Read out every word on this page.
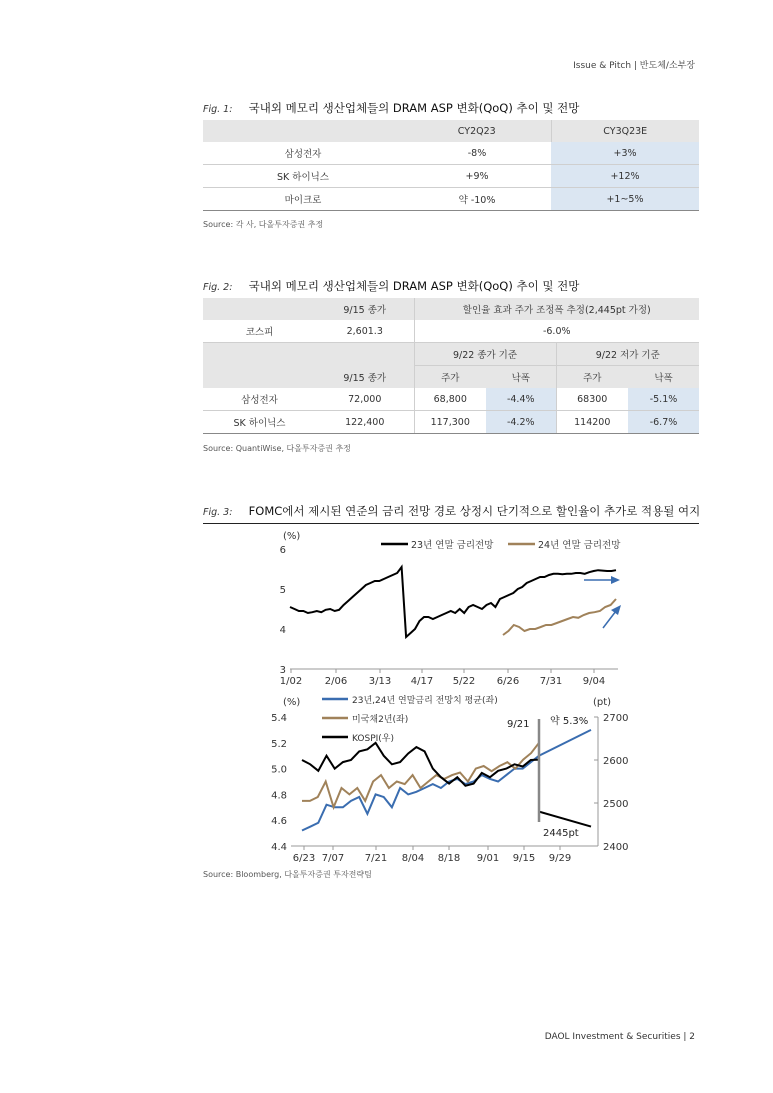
Issue & Pitch | 반도체/소부장
DAOL Investment & Securities | 2
Fig. 1: 국내외 메모리 생산업체들의 DRAM ASP 변화(QoQ) 추이 및 전망
	CY2Q23	CY3Q23E
삼성전자	-8%	+3%
SK 하이닉스	+9%	+12%
마이크로	약 -10%	+1~5%
Source: 각 사, 다올투자증권 추정
Fig. 2: 국내외 메모리 생산업체들의 DRAM ASP 변화(QoQ) 추이 및 전망
	9/15 종가	할인율 효과 주가 조정폭 추정(2,445pt 가정)			
코스피	2,601.3	-6.0%			
		9/22 종가 기준		9/22 저가 기준	
	9/15 종가	주가	낙폭	주가	낙폭
삼성전자	72,000	68,800	-4.4%	68300	-5.1%
SK 하이닉스	122,400	117,300	-4.2%	114200	-6.7%
Source: QuantiWise, 다올투자증권 추정
Fig. 3: FOMC에서 제시된 연준의 금리 전망 경로 상정시 단기적으로 할인율이 추가로 적용될 여지
(%)
3
4
5
6
1/02 2/06 3/13 4/17 5/22 6/26 7/31 9/04
23년 연말 금리전망	24년 연말 금리전망
(%)	(pt)
4.4
4.6
4.8
5.0
5.2
5.4
2400
2500
2600
2700
6/23 7/07 7/21 8/04 8/18 9/01 9/15 9/29
23년,24년 연말금리 전망치 평균(좌)
미국채2년(좌)
KOSPI(우)
9/21 약 5.3%
2445pt
Source: Bloomberg, 다올투자증권 투자전략팀
